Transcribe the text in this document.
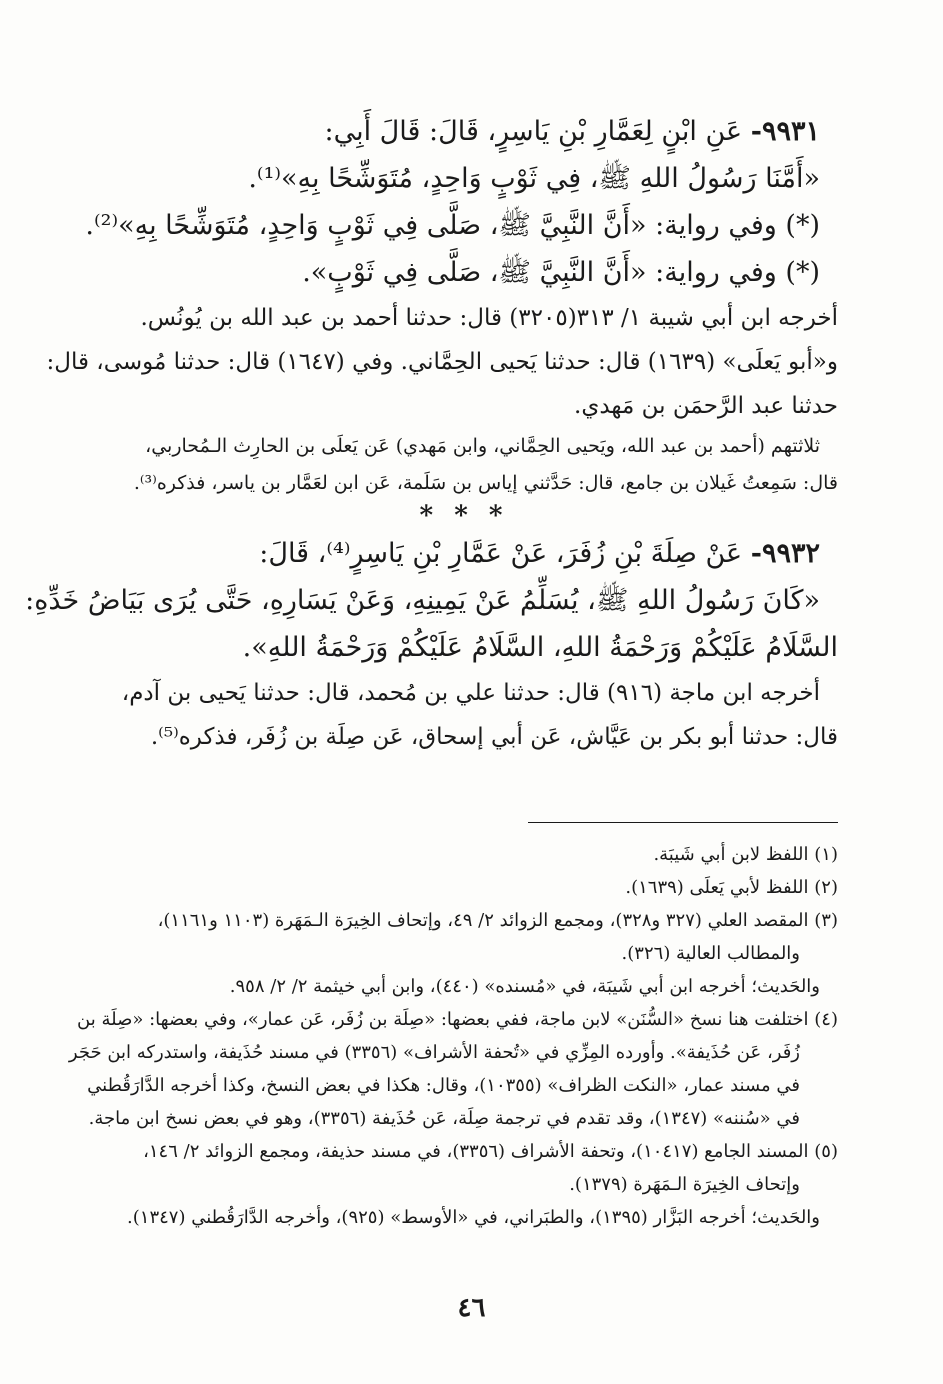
٩٩٣١- عَنِ ابْنٍ لِعَمَّارِ بْنِ يَاسِرٍ، قَالَ: قَالَ أَبِي:
«أَمَّنَا رَسُولُ اللهِ ﷺ، فِي ثَوْبٍ وَاحِدٍ، مُتَوَشِّحًا بِهِ»⁽¹⁾.
(*) وفي رواية: «أَنَّ النَّبِيَّ ﷺ، صَلَّى فِي ثَوْبٍ وَاحِدٍ، مُتَوَشِّحًا بِهِ»⁽²⁾.
(*) وفي رواية: «أَنَّ النَّبِيَّ ﷺ، صَلَّى فِي ثَوْبٍ».
أخرجه ابن أبي شيبة ١/ ٣١٣(٣٢٠٥) قال: حدثنا أحمد بن عبد الله بن يُونُس.
و«أبو يَعلَى» (١٦٣٩) قال: حدثنا يَحيى الحِمَّاني. وفي (١٦٤٧) قال: حدثنا مُوسى، قال:
حدثنا عبد الرَّحمَن بن مَهدي.
ثلاثتهم (أحمد بن عبد الله، ويَحيى الحِمَّاني، وابن مَهدي) عَن يَعلَى بن الحارِث الـمُحاربي،
قال: سَمِعتُ غَيلان بن جامع، قال: حَدَّثني إياس بن سَلَمة، عَن ابن لعَمَّار بن ياسر، فذكره⁽³⁾.
* * *
٩٩٣٢- عَنْ صِلَةَ بْنِ زُفَرَ، عَنْ عَمَّارِ بْنِ يَاسِرٍ⁽⁴⁾، قَالَ:
«كَانَ رَسُولُ اللهِ ﷺ، يُسَلِّمُ عَنْ يَمِينِهِ، وَعَنْ يَسَارِهِ، حَتَّى يُرَى بَيَاضُ خَدِّهِ:
السَّلَامُ عَلَيْكُمْ وَرَحْمَةُ اللهِ، السَّلَامُ عَلَيْكُمْ وَرَحْمَةُ اللهِ».
أخرجه ابن ماجة (٩١٦) قال: حدثنا علي بن مُحمد، قال: حدثنا يَحيى بن آدم،
قال: حدثنا أبو بكر بن عَيَّاش، عَن أبي إسحاق، عَن صِلَة بن زُفَر، فذكره⁽⁵⁾.
(١) اللفظ لابن أبي شَيبَة.
(٢) اللفظ لأبي يَعلَى (١٦٣٩).
(٣) المقصد العلي (٣٢٧ و٣٢٨)، ومجمع الزوائد ٢/ ٤٩، وإتحاف الخِيرَة الـمَهَرة (١١٠٣ و١١٦١)،
والمطالب العالية (٣٢٦).
والحَديث؛ أخرجه ابن أبي شَيبَة، في «مُسنده» (٤٤٠)، وابن أبي خيثمة ٢/ ٢/ ٩٥٨.
(٤) اختلفت هنا نسخ «السُّنَن» لابن ماجة، ففي بعضها: «صِلَة بن زُفَر، عَن عمار»، وفي بعضها: «صِلَة بن
زُفَر، عَن حُذَيفة». وأورده المِزِّي في «تُحفة الأشراف» (٣٣٥٦) في مسند حُذَيفة، واستدركه ابن حَجَر
في مسند عمار، «النكت الظراف» (١٠٣٥٥)، وقال: هكذا في بعض النسخ، وكذا أخرجه الدَّارَقُطني
في «سُننه» (١٣٤٧)، وقد تقدم في ترجمة صِلَة، عَن حُذَيفة (٣٣٥٦)، وهو في بعض نسخ ابن ماجة.
(٥) المسند الجامع (١٠٤١٧)، وتحفة الأشراف (٣٣٥٦)، في مسند حذيفة، ومجمع الزوائد ٢/ ١٤٦،
وإتحاف الخِيرَة الـمَهَرة (١٣٧٩).
والحَديث؛ أخرجه البَزَّار (١٣٩٥)، والطبَراني، في «الأوسط» (٩٢٥)، وأخرجه الدَّارَقُطني (١٣٤٧).
٤٦
